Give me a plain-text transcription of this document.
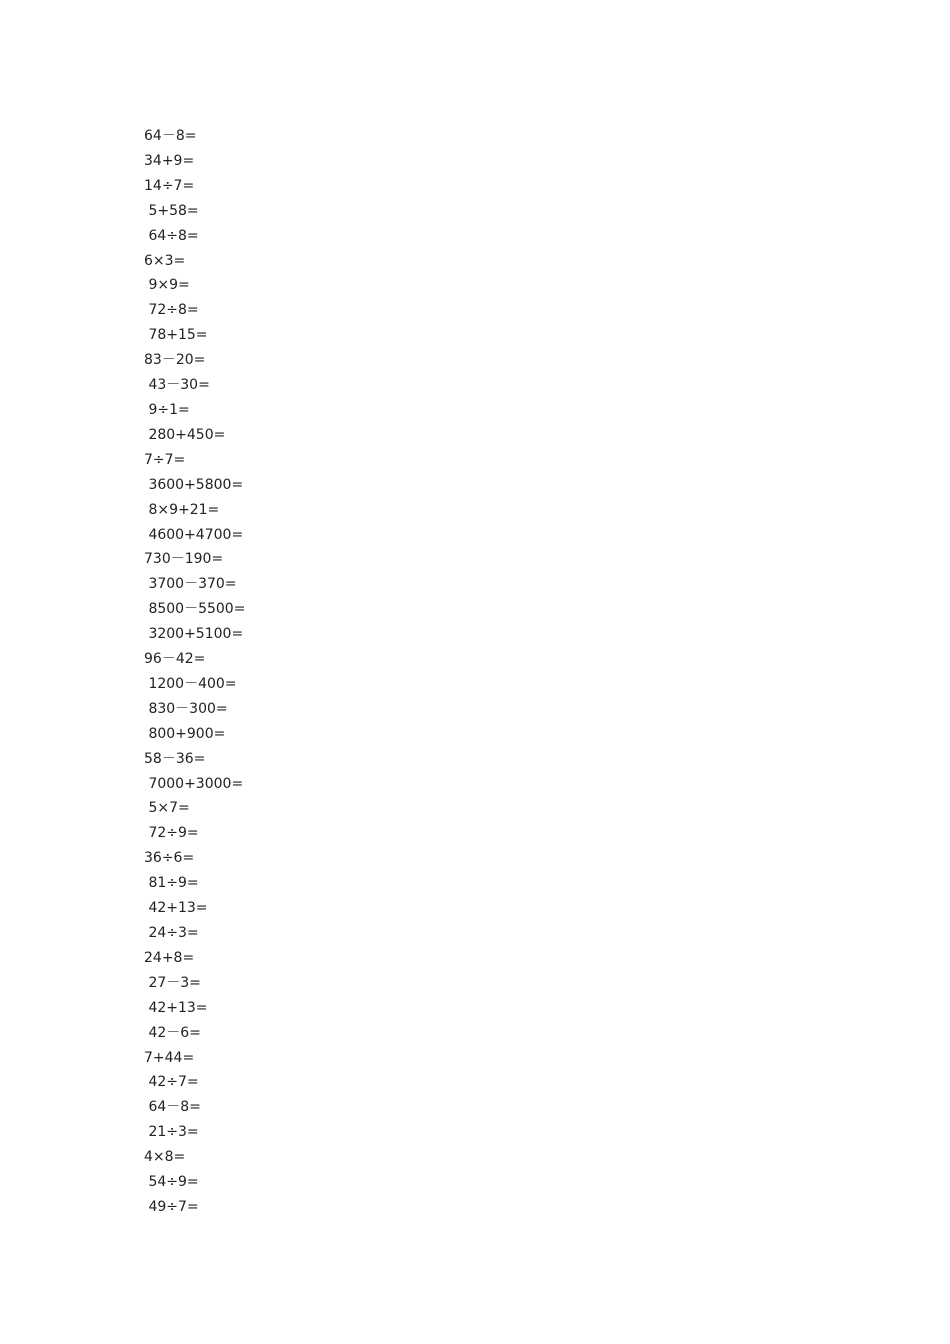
64－8=
34+9=
14÷7=
5+58=
64÷8=
6×3=
9×9=
72÷8=
78+15=
83－20=
43－30=
9÷1=
280+450=
7÷7=
3600+5800=
8×9+21=
4600+4700=
730－190=
3700－370=
8500－5500=
3200+5100=
96－42=
1200－400=
830－300=
800+900=
58－36=
7000+3000=
5×7=
72÷9=
36÷6=
81÷9=
42+13=
24÷3=
24+8=
27－3=
42+13=
42－6=
7+44=
42÷7=
64－8=
21÷3=
4×8=
54÷9=
49÷7=
